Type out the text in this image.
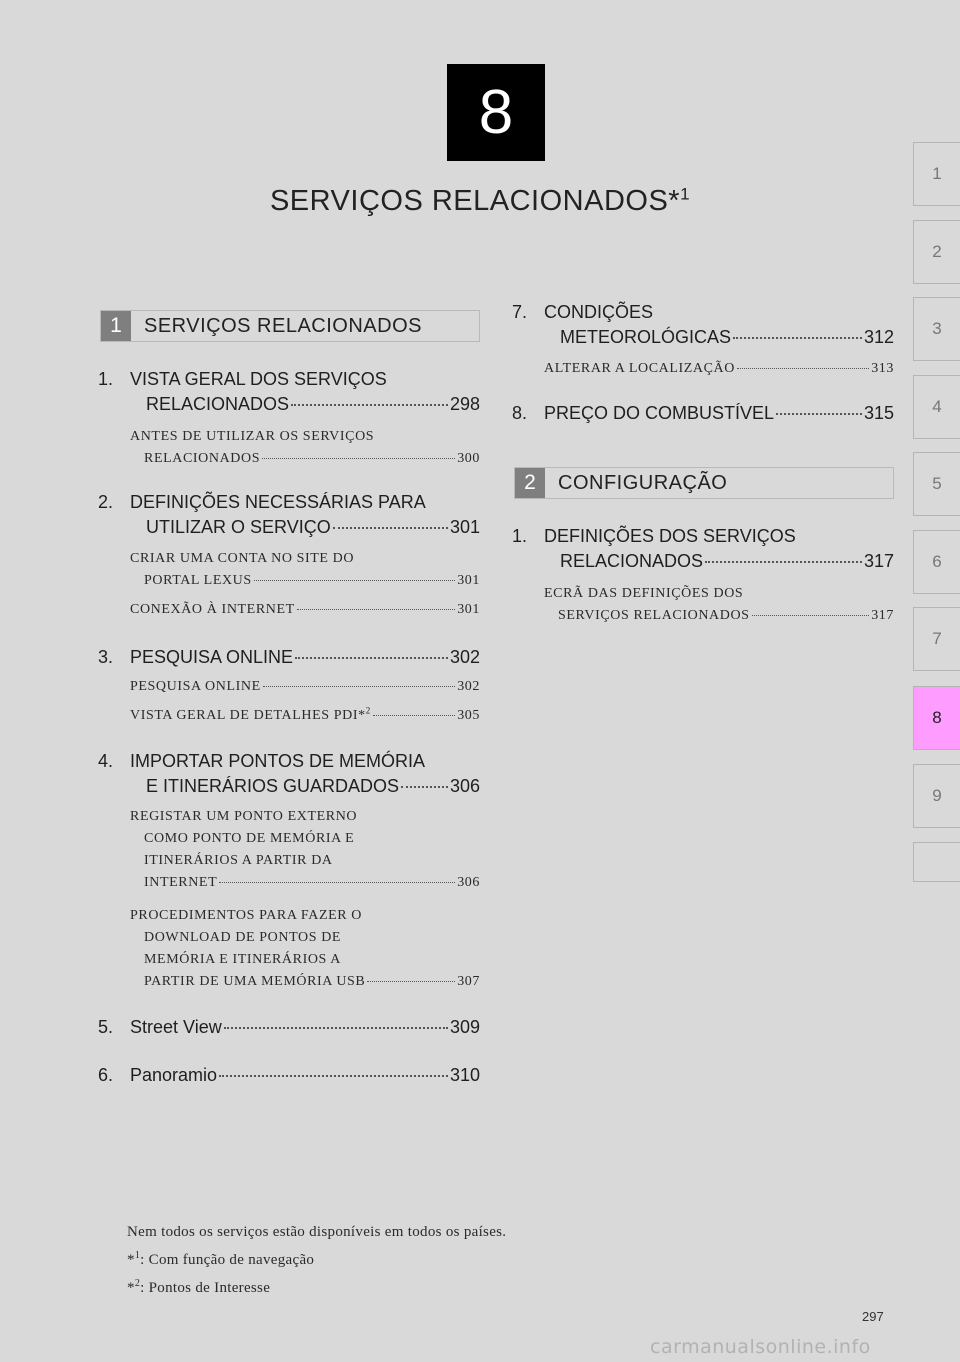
8
SERVIÇOS RELACIONADOS*$^1$
1
2
3
4
5
6
7
8
9
1	SERVIÇOS RELACIONADOS
1. VISTA GERAL DOS SERVIÇOS
RELACIONADOS	298
ANTES DE UTILIZAR OS SERVIÇOS
RELACIONADOS	300
2. DEFINIÇÕES NECESSÁRIAS PARA
UTILIZAR O SERVIÇO	301
CRIAR UMA CONTA NO SITE DO
PORTAL LEXUS	301
CONEXÃO À INTERNET	301
3. PESQUISA ONLINE	302
PESQUISA ONLINE	302
VISTA GERAL DE DETALHES PDI*$^2$	305
4. IMPORTAR PONTOS DE MEMÓRIA
E ITINERÁRIOS GUARDADOS	306
REGISTAR UM PONTO EXTERNO
COMO PONTO DE MEMÓRIA E
ITINERÁRIOS A PARTIR DA
INTERNET	306
PROCEDIMENTOS PARA FAZER O
DOWNLOAD DE PONTOS DE
MEMÓRIA E ITINERÁRIOS A
PARTIR DE UMA MEMÓRIA USB	307
5. Street View	309
6. Panoramio	310
7. CONDIÇÕES
METEOROLÓGICAS	312
ALTERAR A LOCALIZAÇÃO	313
8. PREÇO DO COMBUSTÍVEL	315
2	CONFIGURAÇÃO
1. DEFINIÇÕES DOS SERVIÇOS
RELACIONADOS	317
ECRÃ DAS DEFINIÇÕES DOS
SERVIÇOS RELACIONADOS	317
Nem todos os serviços estão disponíveis em todos os países.
*$^1$: Com função de navegação
*$^2$: Pontos de Interesse
297
carmanualsonline.info
